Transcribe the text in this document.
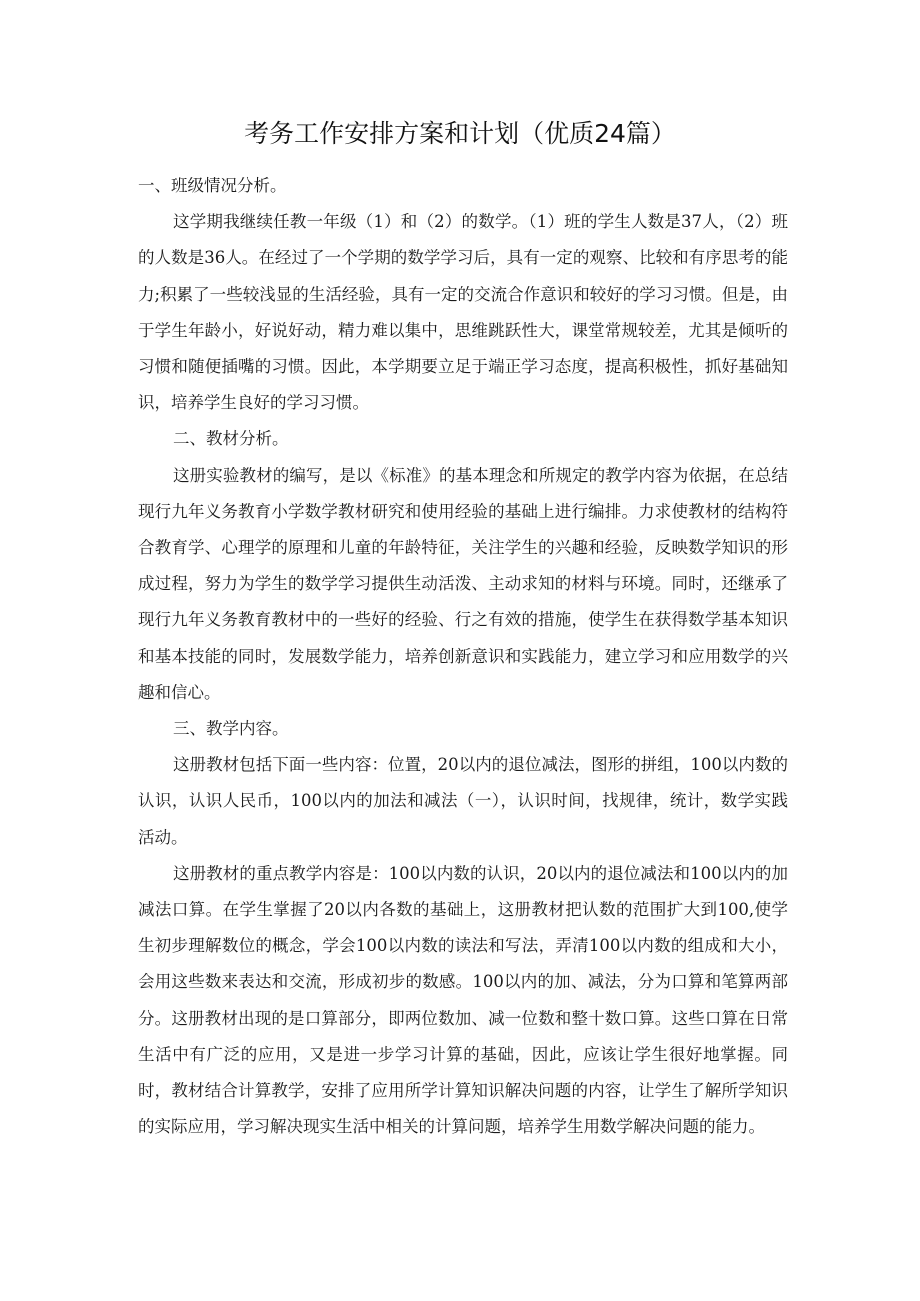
考务工作安排方案和计划（优质24篇）

一、班级情况分析。

这学期我继续任教一年级（1）和（2）的数学。（1）班的学生人数是37人，（2）班的人数是36人。在经过了一个学期的数学学习后，具有一定的观察、比较和有序思考的能力;积累了一些较浅显的生活经验，具有一定的交流合作意识和较好的学习习惯。但是，由于学生年龄小，好说好动，精力难以集中，思维跳跃性大，课堂常规较差，尤其是倾听的习惯和随便插嘴的习惯。因此，本学期要立足于端正学习态度，提高积极性，抓好基础知识，培养学生良好的学习习惯。

二、教材分析。

这册实验教材的编写，是以《标准》的基本理念和所规定的教学内容为依据，在总结现行九年义务教育小学数学教材研究和使用经验的基础上进行编排。力求使教材的结构符合教育学、心理学的原理和儿童的年龄特征，关注学生的兴趣和经验，反映数学知识的形成过程，努力为学生的数学学习提供生动活泼、主动求知的材料与环境。同时，还继承了现行九年义务教育教材中的一些好的经验、行之有效的措施，使学生在获得数学基本知识和基本技能的同时，发展数学能力，培养创新意识和实践能力，建立学习和应用数学的兴趣和信心。

三、教学内容。

这册教材包括下面一些内容：位置，20以内的退位减法，图形的拼组，100以内数的认识，认识人民币，100以内的加法和减法（一），认识时间，找规律，统计，数学实践活动。

这册教材的重点教学内容是：100以内数的认识，20以内的退位减法和100以内的加减法口算。在学生掌握了20以内各数的基础上，这册教材把认数的范围扩大到100,使学生初步理解数位的概念，学会100以内数的读法和写法，弄清100以内数的组成和大小，会用这些数来表达和交流，形成初步的数感。100以内的加、减法，分为口算和笔算两部分。这册教材出现的是口算部分，即两位数加、减一位数和整十数口算。这些口算在日常生活中有广泛的应用，又是进一步学习计算的基础，因此，应该让学生很好地掌握。同时，教材结合计算教学，安排了应用所学计算知识解决问题的内容，让学生了解所学知识的实际应用，学习解决现实生活中相关的计算问题，培养学生用数学解决问题的能力。
